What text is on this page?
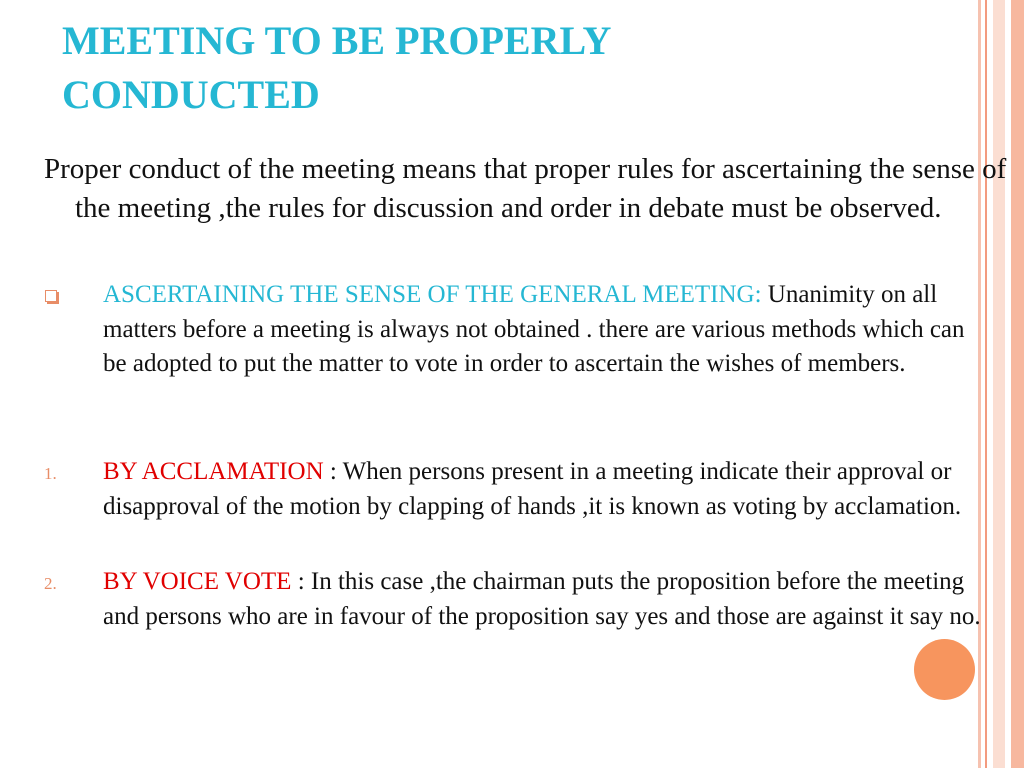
MEETING TO BE PROPERLY
CONDUCTED

Proper conduct of the meeting means that proper rules for ascertaining the sense of the meeting ,the rules for discussion and order in debate must be observed.

ASCERTAINING THE SENSE OF THE GENERAL MEETING: Unanimity on all matters before a meeting is always not obtained . there are various methods which can be adopted to put the matter to vote in order to ascertain the wishes of members.
1.	BY ACCLAMATION : When persons present in a meeting indicate their approval or disapproval of the motion by clapping of hands ,it is known as voting by acclamation.
2.	BY VOICE VOTE : In this case ,the chairman puts the proposition before the meeting and persons who are in favour of the proposition say yes and those are against it say no.
